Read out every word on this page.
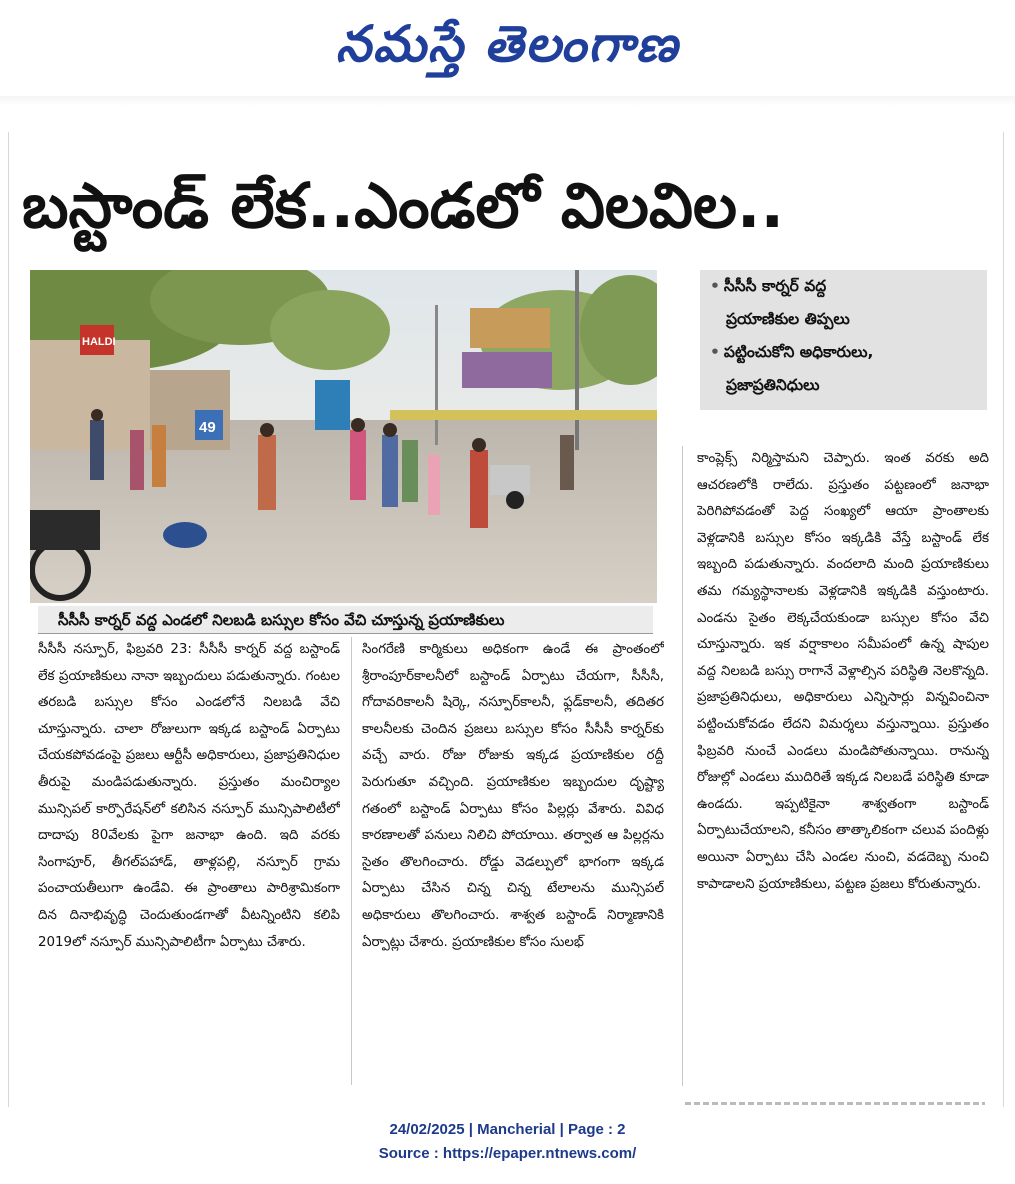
నమస్తే తెలంగాణ
బస్టాండ్ లేక..ఎండలో విలవిల..
HALDI
49
సీసీసీ కార్నర్ వద్ద ఎండలో నిలబడి బస్సుల కోసం వేచి చూస్తున్న ప్రయాణికులు
• సీసీసీ కార్నర్ వద్ద
ప్రయాణికుల తిప్పలు
• పట్టించుకోని అధికారులు,
ప్రజాప్రతినిధులు

సీసీసీ నస్పూర్, ఫిబ్రవరి 23: సీసీసీ కార్నర్ వద్ద బస్టాండ్ లేక ప్రయాణికులు నానా ఇబ్బందులు పడుతున్నారు. గంటల తరబడి బస్సుల కోసం ఎండలోనే నిలబడి వేచి చూస్తున్నారు. చాలా రోజులుగా ఇక్కడ బస్టాండ్ ఏర్పాటు చేయకపోవడంపై ప్రజలు ఆర్టీసీ అధికారులు, ప్రజాప్రతినిధుల తీరుపై మండిపడుతున్నారు. ప్రస్తుతం మంచిర్యాల మున్సిపల్ కార్పొరేషన్‌లో కలిసిన నస్పూర్ మున్సిపాలిటీలో దాదాపు 80వేలకు పైగా జనాభా ఉంది. ఇది వరకు సింగాపూర్, తీగల్‌పహాడ్, తాళ్లపల్లి, నస్పూర్ గ్రామ పంచాయతీలుగా ఉండేవి. ఈ ప్రాంతాలు పారిశ్రామికంగా దిన దినాభివృద్ధి చెందుతుండగాతో వీటన్నింటిని కలిపి 2019లో నస్పూర్ మున్సిపాలిటీగా ఏర్పాటు చేశారు.

సింగరేణి కార్మికులు అధికంగా ఉండే ఈ ప్రాంతంలో శ్రీరాంపూర్‌కాలనీలో బస్టాండ్ ఏర్పాటు చేయగా, సీసీసీ, గోదావరికాలనీ షిర్కె, నస్పూర్‌కాలనీ, ఫ్లడ్‌కాలనీ, తదితర కాలనీలకు చెందిన ప్రజలు బస్సుల కోసం సీసీసీ కార్నర్‌కు వచ్చే వారు. రోజు రోజుకు ఇక్కడ ప్రయాణికుల రద్దీ పెరుగుతూ వచ్చింది. ప్రయాణికుల ఇబ్బందుల దృష్ట్యా గతంలో బస్టాండ్ ఏర్పాటు కోసం పిల్లర్లు వేశారు. వివిధ కారణాలతో పనులు నిలిచి పోయాయి. తర్వాత ఆ పిల్లర్లను సైతం తొలగించారు. రోడ్డు వెడల్పులో భాగంగా ఇక్కడ ఏర్పాటు చేసిన చిన్న చిన్న టేలాలను మున్సిపల్ అధికారులు తొలగించారు. శాశ్వత బస్టాండ్ నిర్మాణానికి ఏర్పాట్లు చేశారు. ప్రయాణికుల కోసం సులభ్

కాంప్లెక్స్ నిర్మిస్తామని చెప్పారు. ఇంత వరకు అది ఆచరణలోకి రాలేదు. ప్రస్తుతం పట్టణంలో జనాభా పెరిగిపోవడంతో పెద్ద సంఖ్యలో ఆయా ప్రాంతాలకు వెళ్లడానికి బస్సుల కోసం ఇక్కడికి వేస్తే బస్టాండ్ లేక ఇబ్బంది పడుతున్నారు. వందలాది మంది ప్రయాణికులు తమ గమ్యస్థానాలకు వెళ్లడానికి ఇక్కడికి వస్తుంటారు. ఎండను సైతం లెక్కచేయకుండా బస్సుల కోసం వేచి చూస్తున్నారు. ఇక వర్షాకాలం సమీపంలో ఉన్న షాపుల వద్ద నిలబడి బస్సు రాగానే వెళ్లాల్సిన పరిస్థితి నెలకొన్నది. ప్రజాప్రతినిధులు, అధికారులు ఎన్నిసార్లు విన్నవించినా పట్టించుకోవడం లేదని విమర్శలు వస్తున్నాయి. ప్రస్తుతం ఫిబ్రవరి నుంచే ఎండలు మండిపోతున్నాయి. రానున్న రోజుల్లో ఎండలు ముదిరితే ఇక్కడ నిలబడే పరిస్థితి కూడా ఉండదు. ఇప్పటికైనా శాశ్వతంగా బస్టాండ్ ఏర్పాటుచేయాలని, కనీసం తాత్కాలికంగా చలువ పందిళ్లు అయినా ఏర్పాటు చేసి ఎండల నుంచి, వడదెబ్బ నుంచి కాపాడాలని ప్రయాణికులు, పట్టణ ప్రజలు కోరుతున్నారు.

24/02/2025 | Mancherial | Page : 2
Source : https://epaper.ntnews.com/
